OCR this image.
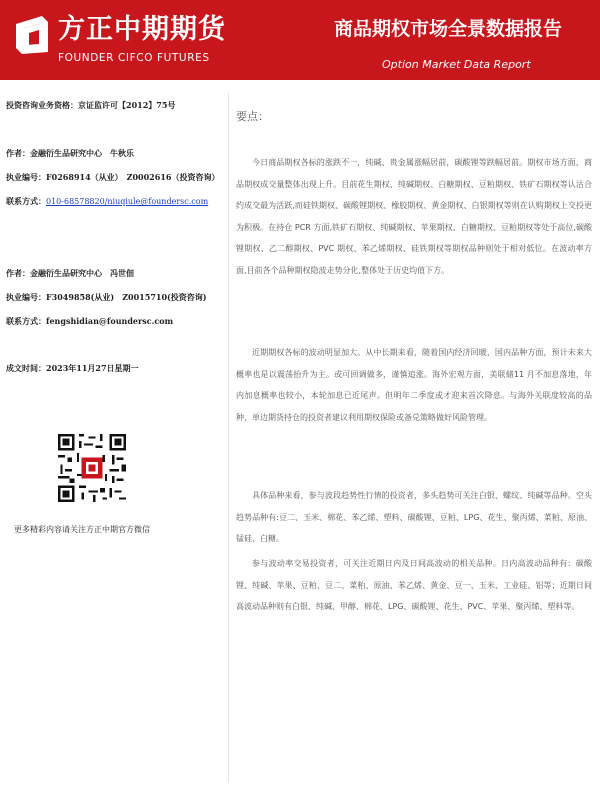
方正中期期货
FOUNDER CIFCO FUTURES
商品期权市场全景数据报告
Option Market Data Report
投资咨询业务资格：京证监许可【2012】75号
作者：金融衍生品研究中心　牛秋乐
执业编号：F0268914（从业）　Z0002616（投资咨询）
联系方式：010-68578820/niuqiule@foundersc.com
作者：金融衍生品研究中心　冯世佃
执业编号：F3049858(从业)　Z0015710(投资咨询)
联系方式：fengshidian@foundersc.com
成文时间：2023年11月27日星期一
更多精彩内容请关注方正中期官方微信
要点：
今日商品期权各标的涨跌不一，纯碱、贵金属涨幅居前，碳酸锂等跌幅居前。期权市场方面，商品期权成交量整体出现上升。目前花生期权、纯碱期权、白糖期权、豆粕期权、铁矿石期权等认沽合约成交最为活跃,而硅铁期权、碳酸锂期权、橡胶期权、黄金期权、白银期权等则在认购期权上交投更为积极。在持仓 PCR 方面,铁矿石期权、纯碱期权、苹果期权、白糖期权、豆粕期权等处于高位,碳酸锂期权、乙二醇期权、PVC 期权、苯乙烯期权、硅铁期权等期权品种则处于相对低位。在波动率方面,目前各个品种期权隐波走势分化,整体处于历史均值下方。
近期期权各标的波动明显加大。从中长期来看，随着国内经济回暖，国内品种方面，预计未来大概率也是以震荡抬升为主。或可回调做多，谨慎追涨。海外宏观方面，美联储11 月不加息落地，年内加息概率也较小，本轮加息已近尾声。但明年二季度或才迎来首次降息。与海外关联度较高的品种，单边期货持仓的投资者建议利用期权保险或备兑策略做好风险管理。
具体品种来看，参与波段趋势性行情的投资者，多头趋势可关注白银、螺纹、纯碱等品种。空头趋势品种有:豆二、玉米、棉花、苯乙烯、塑料、碳酸锂、豆粕、LPG、花生、聚丙烯、菜粕、原油、锰硅、白糖。
参与波动率交易投资者，可关注近期日内及日间高波动的相关品种。日内高波动品种有：碳酸锂、纯碱、苹果、豆粕、豆二、菜粕、原油、苯乙烯、黄金、豆一、玉米、工业硅、铝等；近期日间高波动品种则有白银、纯碱、甲醇、棉花、LPG、碳酸锂、花生、PVC、苹果、聚丙烯、塑料等。
